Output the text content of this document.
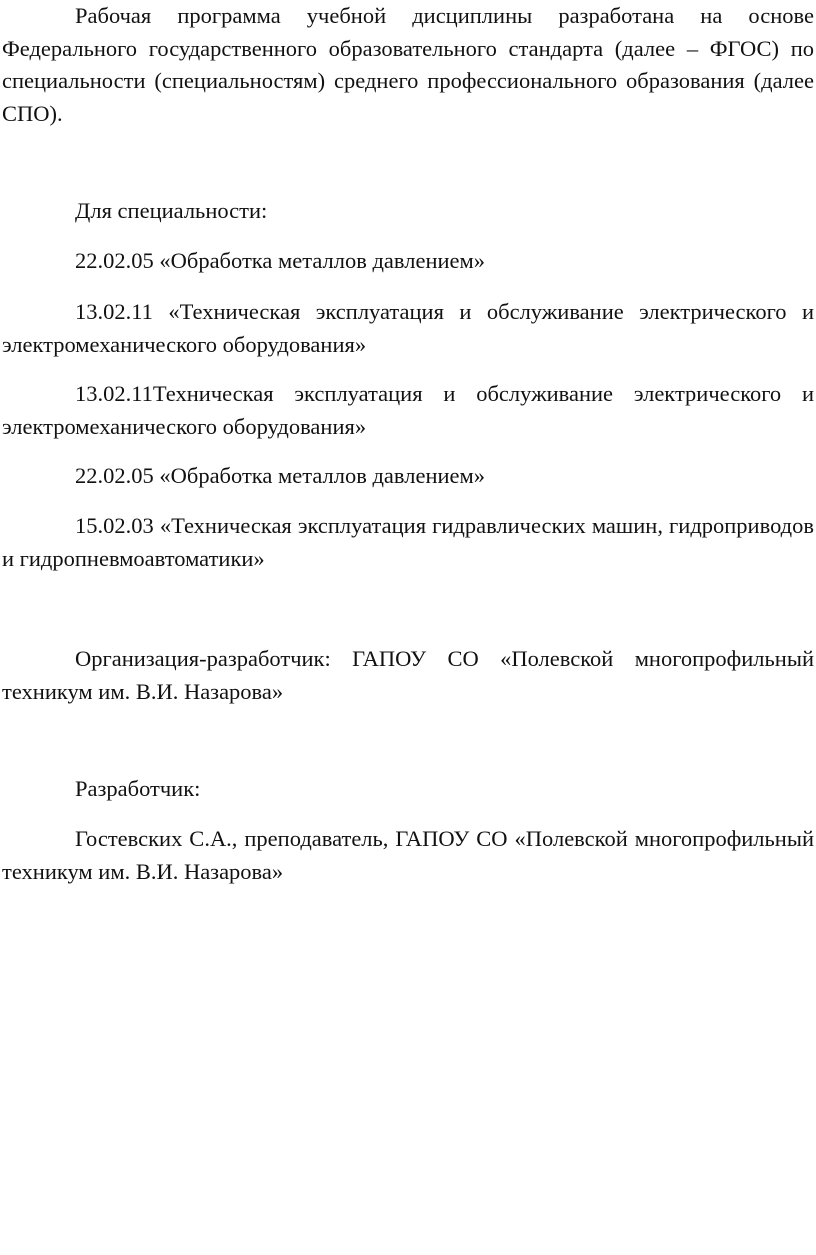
Рабочая программа учебной дисциплины разработана на основе Федерального государственного образовательного стандарта (далее – ФГОС) по специальности (специальностям) среднего профессионального образования (далее СПО).

Для специальности:

22.02.05 «Обработка металлов давлением»

13.02.11 «Техническая эксплуатация и обслуживание электрического и электромеханического оборудования»

13.02.11Техническая эксплуатация и обслуживание электрического и электромеханического оборудования»

22.02.05 «Обработка металлов давлением»

15.02.03 «Техническая эксплуатация гидравлических машин, гидроприводов и гидропневмоавтоматики»

Организация-разработчик: ГАПОУ СО «Полевской многопрофильный техникум им. В.И. Назарова»

Разработчик:

Гостевских С.А., преподаватель, ГАПОУ СО «Полевской многопрофильный техникум им. В.И. Назарова»
